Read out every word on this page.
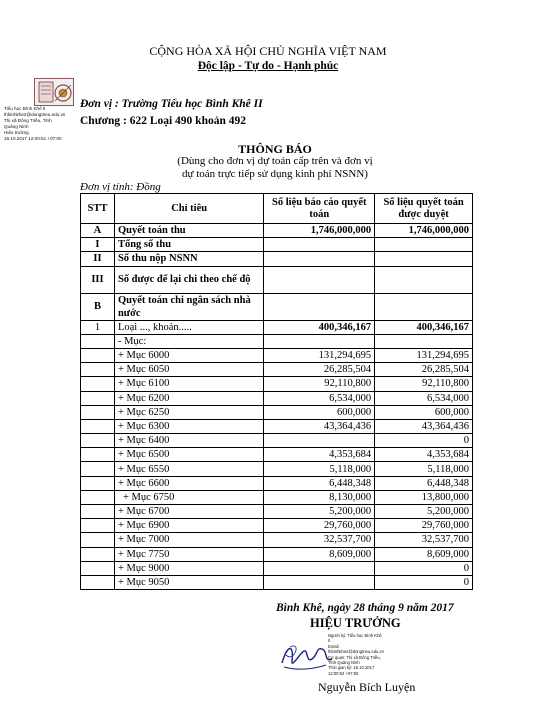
CỘNG HÒA XÃ HỘI CHỦ NGHĨA VIỆT NAM
Độc lập - Tự do - Hạnh phúc
Tiểu học Bình Khê II
thbinhkhe2@dongtrieu.edu.vn
Thị xã Đông Triều, Tỉnh
Quảng Ninh
Hiệu trưởng
18.10.2017 12:00:51 +07:00
Đơn vị : Trường Tiểu học Bình Khê II
Chương : 622 Loại 490 khoản 492
THÔNG BÁO
(Dùng cho đơn vị dự toán cấp trên và đơn vị
dự toán trực tiếp sử dụng kinh phí NSNN)
Đơn vị tính: Đồng
STT	Chỉ tiêu	Số liệu báo cáo quyết toán	Số liệu quyết toán được duyệt
A	Quyết toán thu	1,746,000,000	1,746,000,000
I	Tổng số thu		
II	Số thu nộp NSNN		
III	Số được để lại chi theo chế độ		
B	Quyết toán chi ngân sách nhà nước		
1	Loại ..., khoản.....	400,346,167	400,346,167
	- Mục:		
	+ Mục 6000	131,294,695	131,294,695
	+ Mục 6050	26,285,504	26,285,504
	+ Mục 6100	92,110,800	92,110,800
	+ Mục 6200	6,534,000	6,534,000
	+ Mục 6250	600,000	600,000
	+ Mục 6300	43,364,436	43,364,436
	+ Mục 6400		0
	+ Mục 6500	4,353,684	4,353,684
	+ Mục 6550	5,118,000	5,118,000
	+ Mục 6600	6,448,348	6,448,348
	+ Mục 6750	8,130,000	13,800,000
	+ Mục 6700	5,200,000	5,200,000
	+ Mục 6900	29,760,000	29,760,000
	+ Mục 7000	32,537,700	32,537,700
	+ Mục 7750	8,609,000	8,609,000
	+ Mục 9000		0
	+ Mục 9050		0
Bình Khê, ngày 28 tháng 9 năm 2017
HIỆU TRƯỞNG
Người ký: Tiểu học Bình Khê
II
Email:
thbinhkhe2@dongtrieu.edu.vn
Cơ quan: Thị xã Đông Triều,
Tỉnh Quảng Ninh
Thời gian ký: 18.10.2017
12:00:52 +07:00
Nguyễn Bích Luyện
